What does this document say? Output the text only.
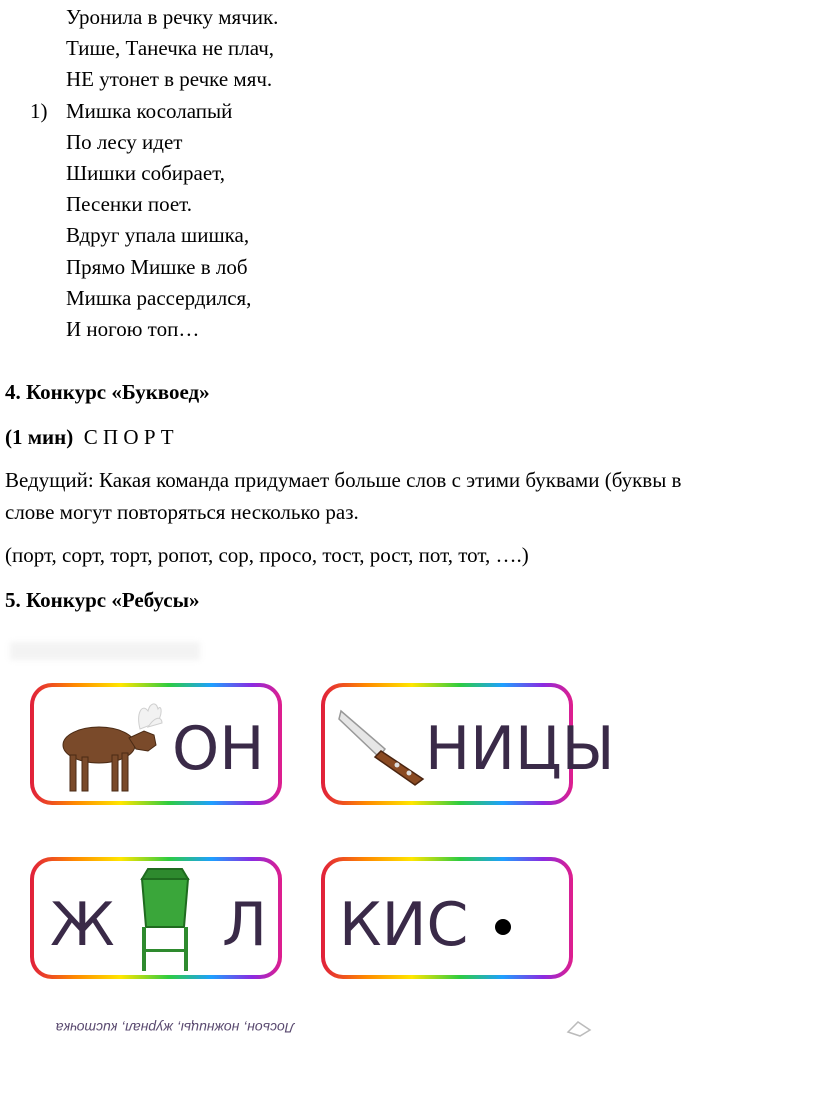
Уронила в речку мячик.
Тише, Танечка не плач,
НЕ утонет в речке мяч.
1) Мишка косолапый
По лесу идет
Шишки собирает,
Песенки поет.
Вдруг упала шишка,
Прямо Мишке в лоб
Мишка рассердился,
И ногою топ…
4. Конкурс «Буквоед»
(1 мин) С П О Р Т
Ведущий: Какая команда придумает больше слов с этими буквами (буквы в
слове могут повторяться несколько раз.
(порт, сорт, торт, ропот, сор, просо, тост, рост, пот, тот, ….)
5. Конкурс «Ребусы»
ОН	НИЦЫ
Ж Л КИС
Лосьон, ножницы, журнал, кисточка
